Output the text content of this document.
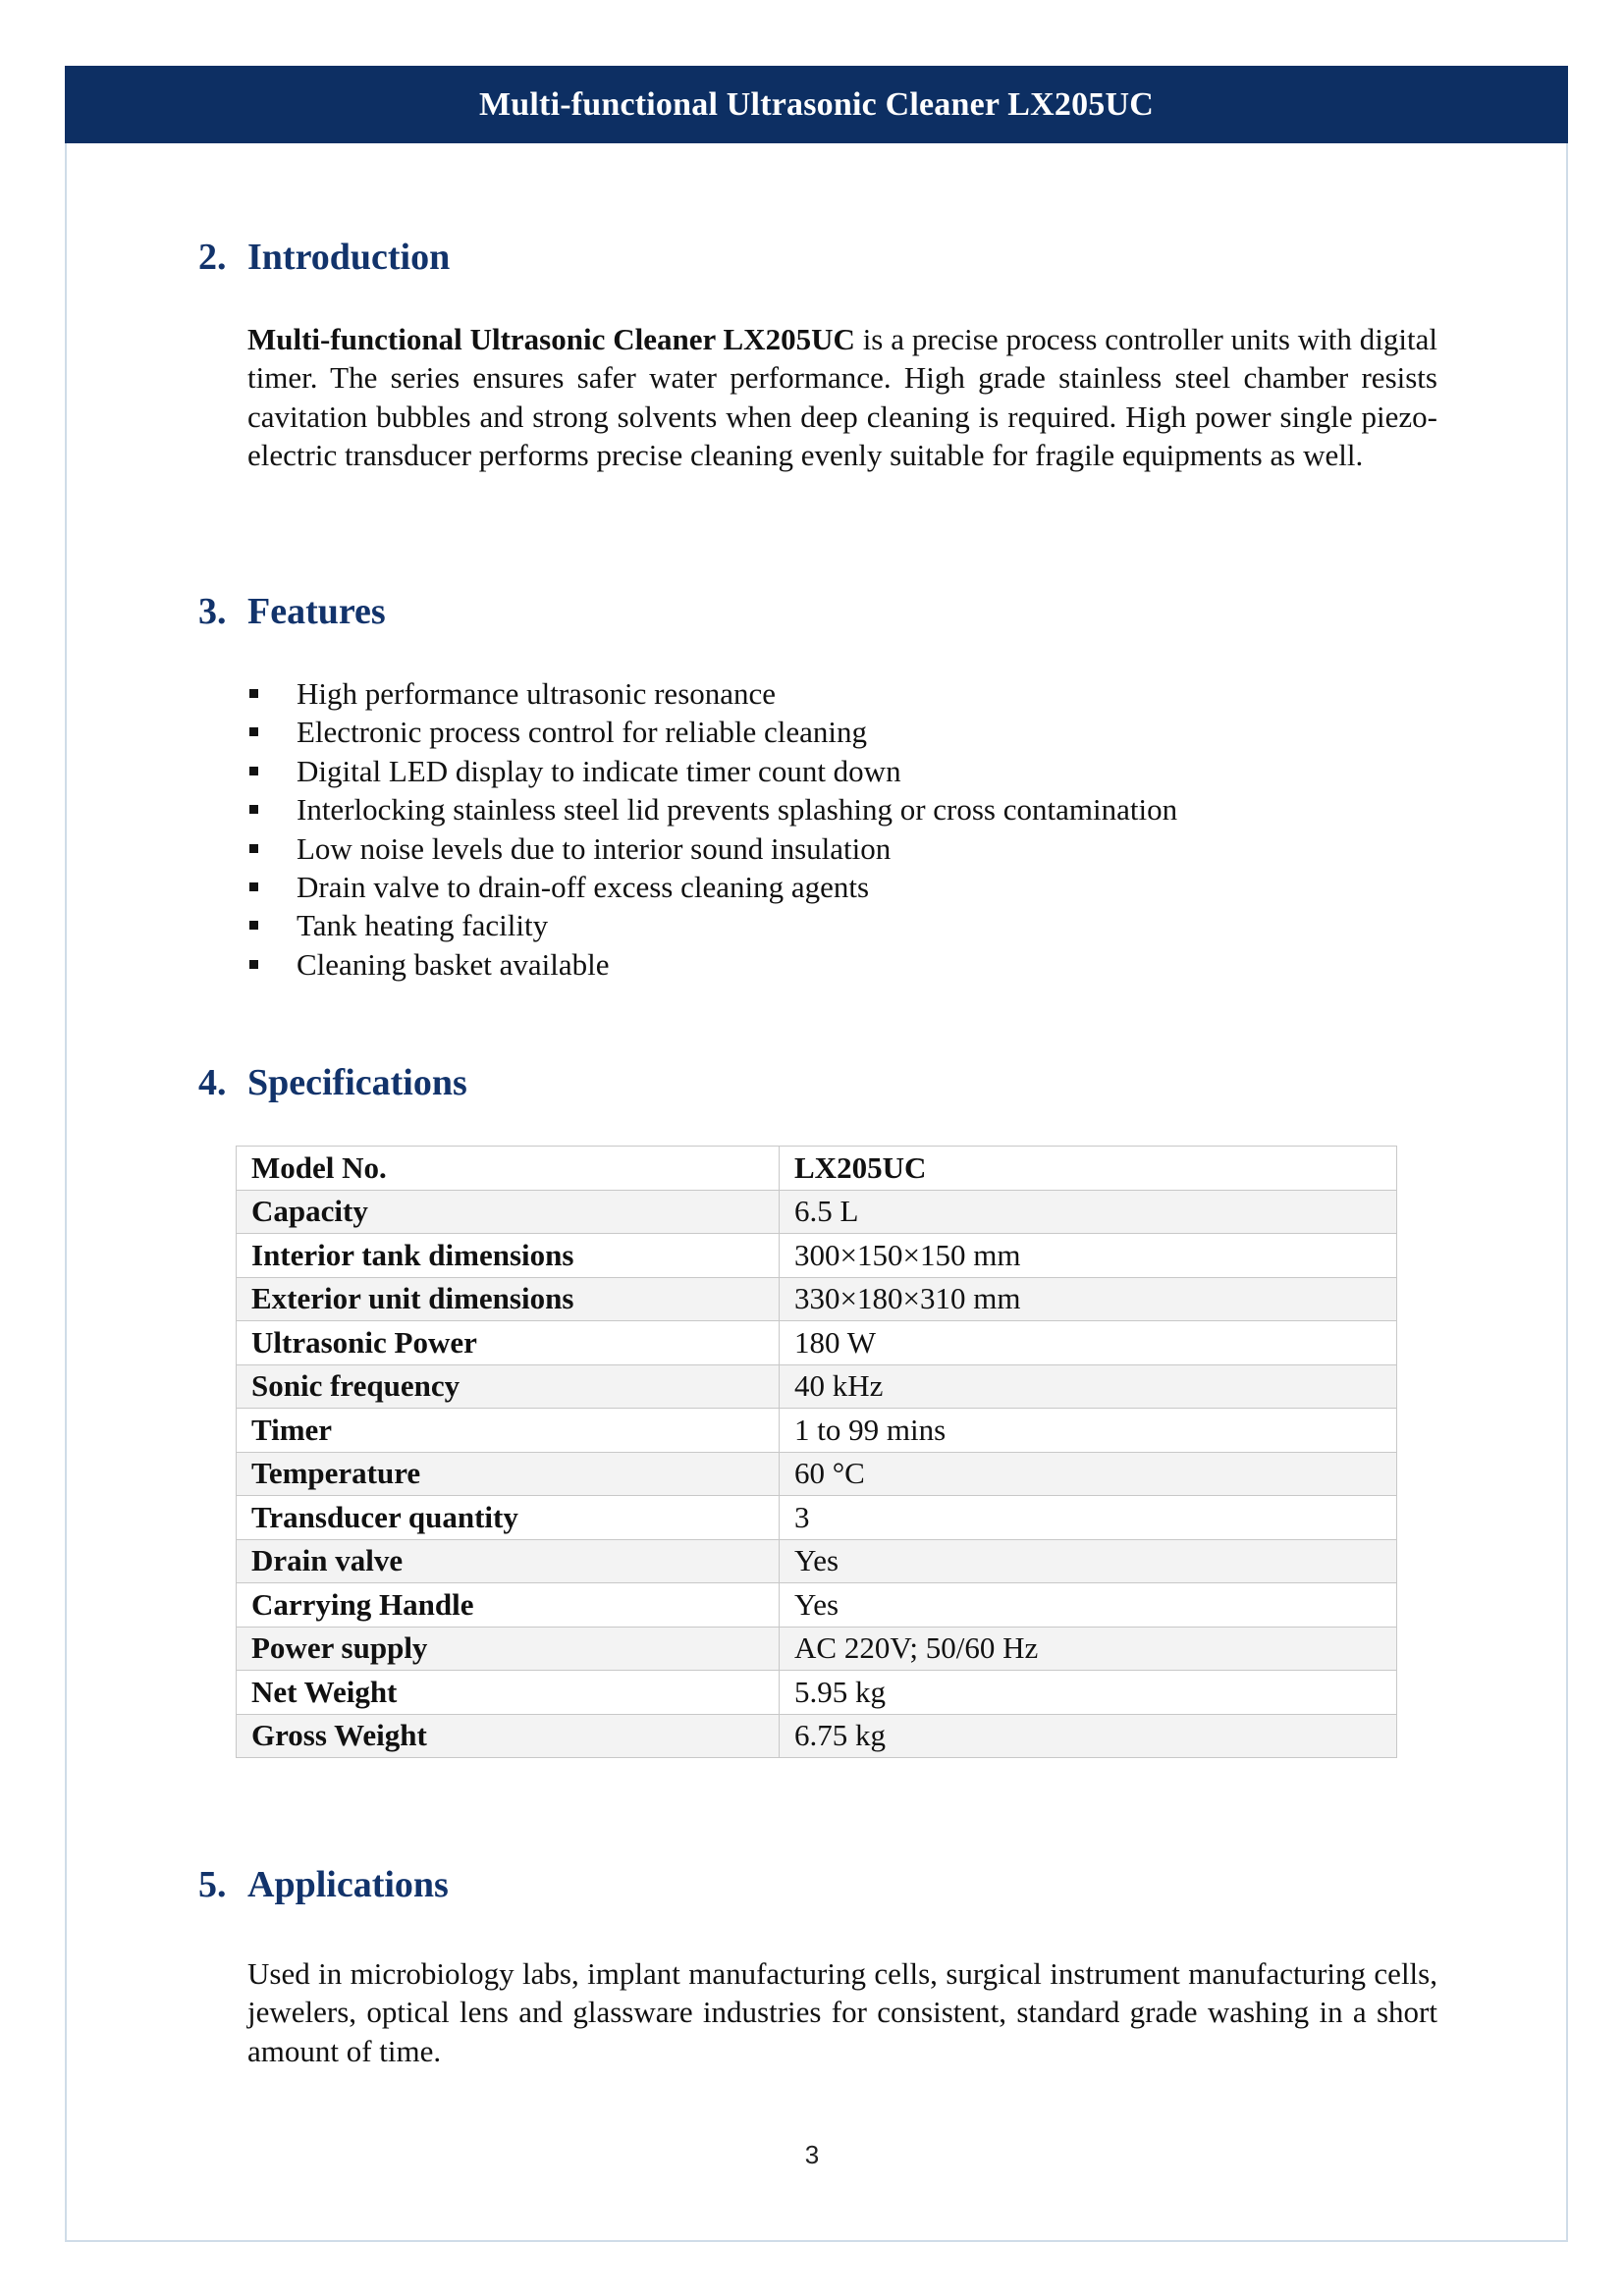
Multi-functional Ultrasonic Cleaner LX205UC
2. Introduction
Multi-functional Ultrasonic Cleaner LX205UC is a precise process controller units with digital timer. The series ensures safer water performance. High grade stainless steel chamber resists cavitation bubbles and strong solvents when deep cleaning is required. High power single piezo-electric transducer performs precise cleaning evenly suitable for fragile equipments as well.
3. Features
High performance ultrasonic resonance
Electronic process control for reliable cleaning
Digital LED display to indicate timer count down
Interlocking stainless steel lid prevents splashing or cross contamination
Low noise levels due to interior sound insulation
Drain valve to drain-off excess cleaning agents
Tank heating facility
Cleaning basket available
4. Specifications
Model No.	LX205UC
Capacity	6.5 L
Interior tank dimensions	300×150×150 mm
Exterior unit dimensions	330×180×310 mm
Ultrasonic Power	180 W
Sonic frequency	40 kHz
Timer	1 to 99 mins
Temperature	60 °C
Transducer quantity	3
Drain valve	Yes
Carrying Handle	Yes
Power supply	AC 220V; 50/60 Hz
Net Weight	5.95 kg
Gross Weight	6.75 kg
5. Applications
Used in microbiology labs, implant manufacturing cells, surgical instrument manufacturing cells, jewelers, optical lens and glassware industries for consistent, standard grade washing in a short amount of time.
3
